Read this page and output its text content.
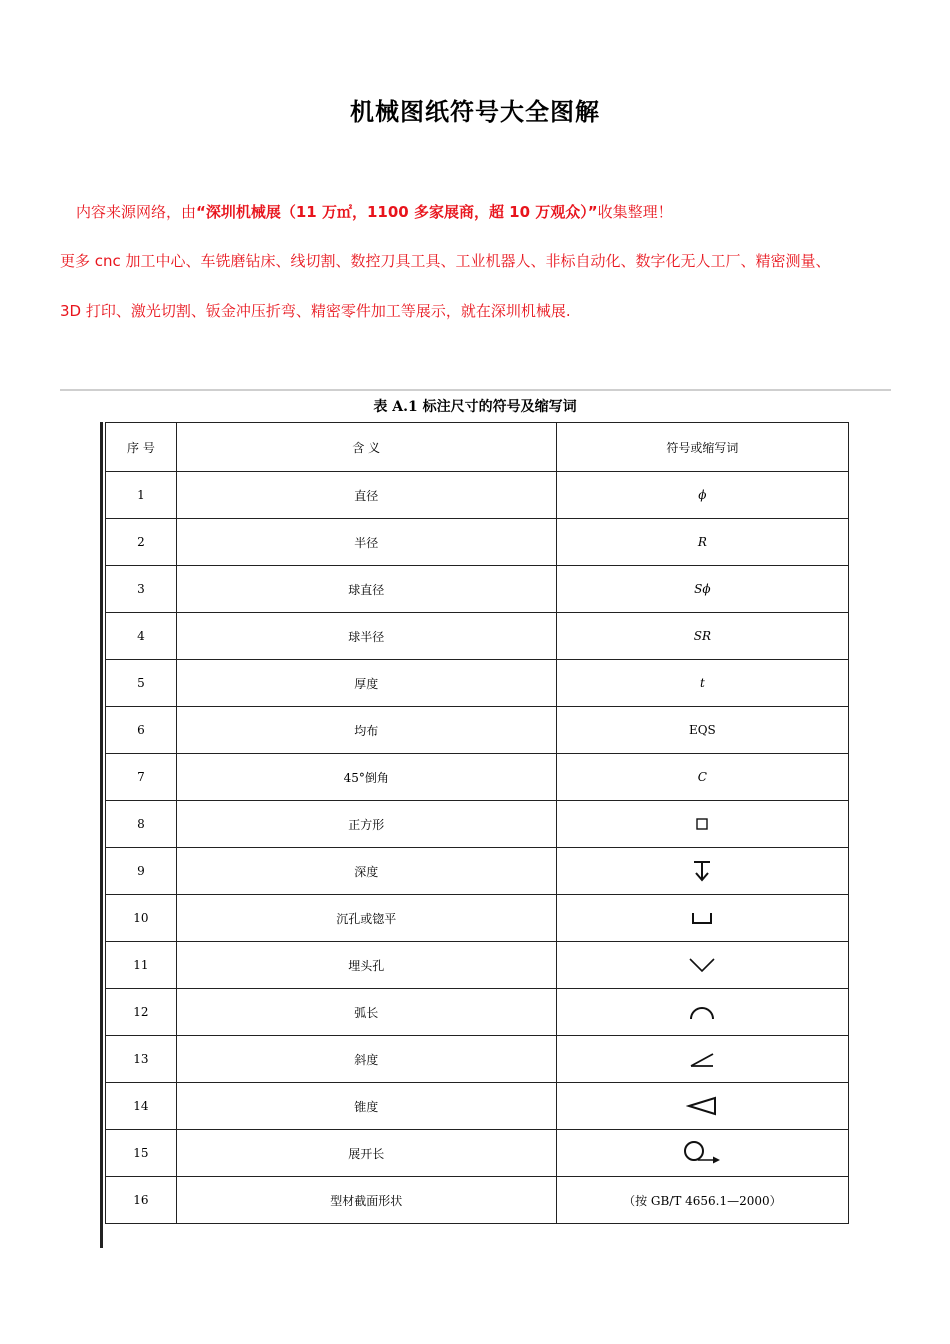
机械图纸符号大全图解
内容来源网络，由“深圳机械展（11 万㎡，1100 多家展商，超 10 万观众）”收集整理！
更多 cnc 加工中心、车铣磨钻床、线切割、数控刀具工具、工业机器人、非标自动化、数字化无人工厂、精密测量、
3D 打印、激光切割、钣金冲压折弯、精密零件加工等展示，就在深圳机械展.
表 A.1 标注尺寸的符号及缩写词
序 号	含 义	符号或缩写词
1	直径	ϕ
2	半径	R
3	球直径	Sϕ
4	球半径	SR
5	厚度	t
6	均布	EQS
7	45°倒角	C
8	正方形	
9	深度	
10	沉孔或锪平	
11	埋头孔	
12	弧长	
13	斜度	
14	锥度	
15	展开长	
16	型材截面形状	（按 GB/T 4656.1—2000）
